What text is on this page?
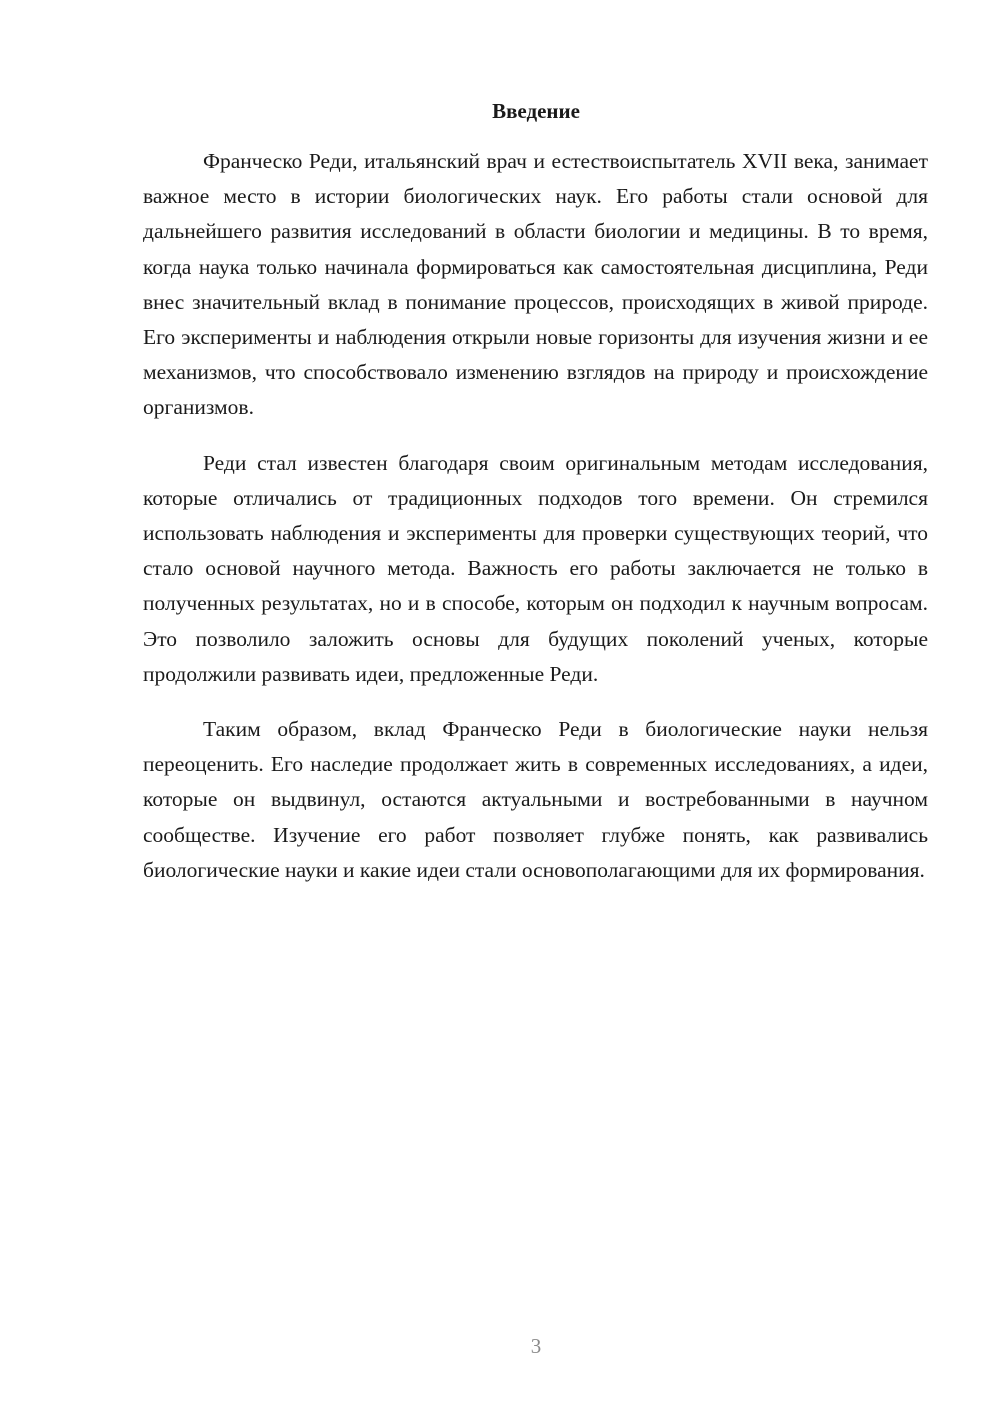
Введение

Франческо Реди, итальянский врач и естествоиспытатель XVII века, занимает важное место в истории биологических наук. Его работы стали основой для дальнейшего развития исследований в области биологии и медицины. В то время, когда наука только начинала формироваться как самостоятельная дисциплина, Реди внес значительный вклад в понимание процессов, происходящих в живой природе. Его эксперименты и наблюдения открыли новые горизонты для изучения жизни и ее механизмов, что способствовало изменению взглядов на природу и происхождение организмов.

Реди стал известен благодаря своим оригинальным методам исследования, которые отличались от традиционных подходов того времени. Он стремился использовать наблюдения и эксперименты для проверки существующих теорий, что стало основой научного метода. Важность его работы заключается не только в полученных результатах, но и в способе, которым он подходил к научным вопросам. Это позволило заложить основы для будущих поколений ученых, которые продолжили развивать идеи, предложенные Реди.

Таким образом, вклад Франческо Реди в биологические науки нельзя переоценить. Его наследие продолжает жить в современных исследованиях, а идеи, которые он выдвинул, остаются актуальными и востребованными в научном сообществе. Изучение его работ позволяет глубже понять, как развивались биологические науки и какие идеи стали основополагающими для их формирования.

3
